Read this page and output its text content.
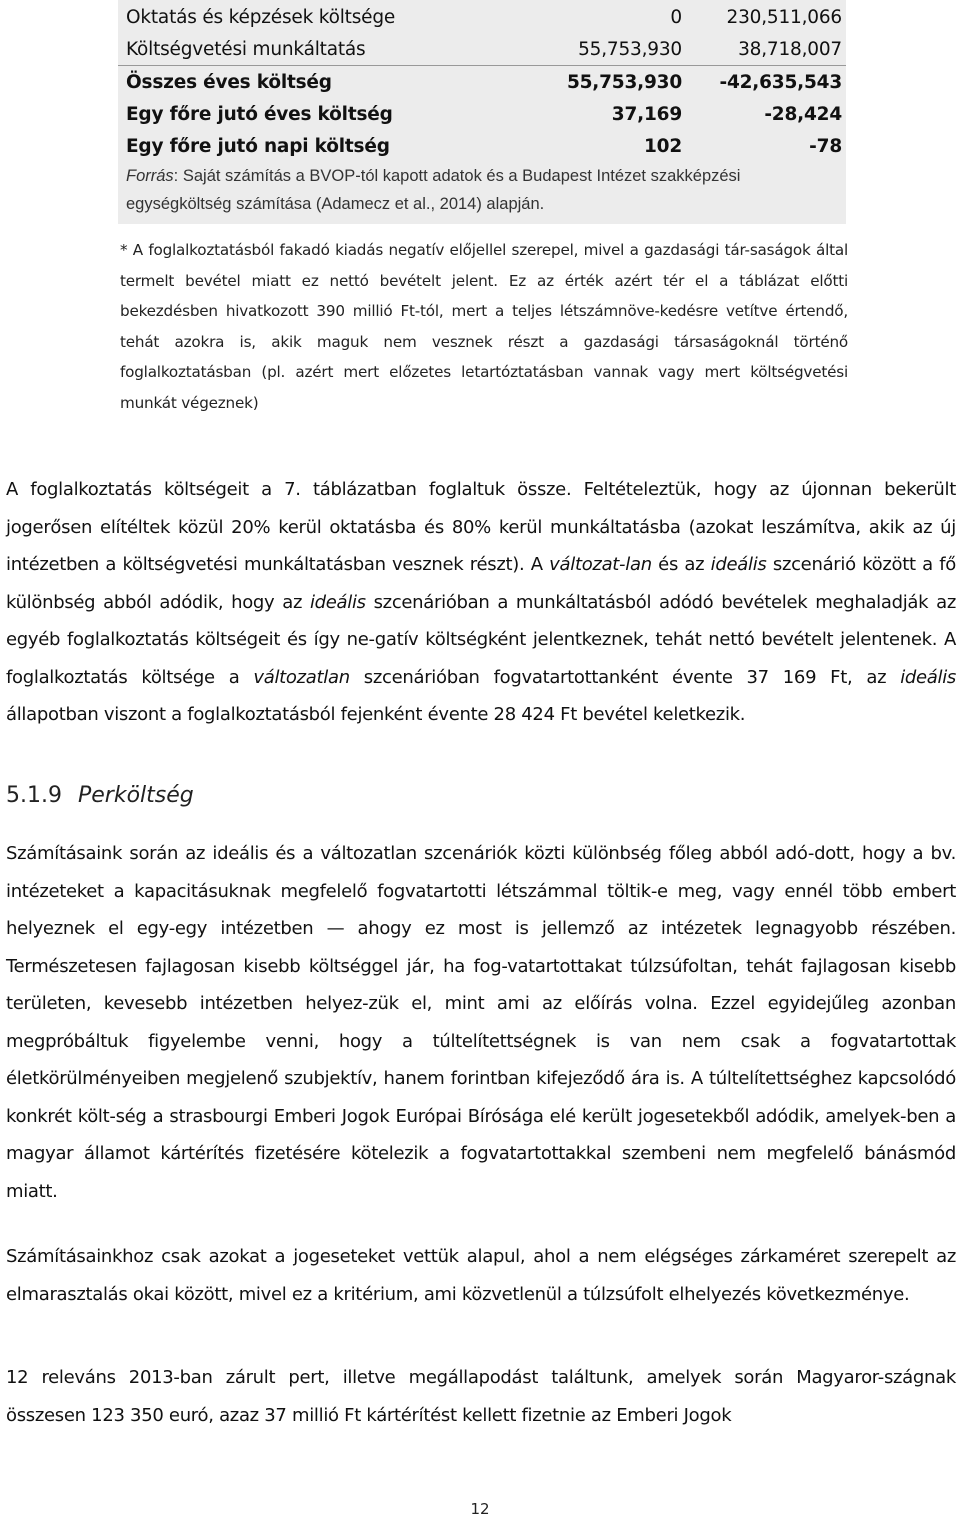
Oktatás és képzések költsége	0	230,511,066
Költségvetési munkáltatás	55,753,930	38,718,007
Összes éves költség	55,753,930	-42,635,543
Egy főre jutó éves költség	37,169	-28,424
Egy főre jutó napi költség	102	-78
Forrás: Saját számítás a BVOP-tól kapott adatok és a Budapest Intézet szakképzési egységköltség számítása (Adamecz et al., 2014) alapján.
* A foglalkoztatásból fakadó kiadás negatív előjellel szerepel, mivel a gazdasági tár-saságok által termelt bevétel miatt ez nettó bevételt jelent. Ez az érték azért tér el a táblázat előtti bekezdésben hivatkozott 390 millió Ft-tól, mert a teljes létszámnöve-kedésre vetítve értendő, tehát azokra is, akik maguk nem vesznek részt a gazdasági társaságoknál történő foglalkoztatásban (pl. azért mert előzetes letartóztatásban vannak vagy mert költségvetési munkát végeznek)
A foglalkoztatás költségeit a 7. táblázatban foglaltuk össze. Feltételeztük, hogy az újonnan bekerült jogerősen elítéltek közül 20% kerül oktatásba és 80% kerül munkáltatásba (azokat leszámítva, akik az új intézetben a költségvetési munkáltatásban vesznek részt). A változat-lan és az ideális szcenárió között a fő különbség abból adódik, hogy az ideális szcenárióban a munkáltatásból adódó bevételek meghaladják az egyéb foglalkoztatás költségeit és így ne-gatív költségként jelentkeznek, tehát nettó bevételt jelentenek. A foglalkoztatás költsége a változatlan szcenárióban fogvatartottanként évente 37 169 Ft, az ideális állapotban viszont a foglalkoztatásból fejenként évente 28 424 Ft bevétel keletkezik.
5.1.9 Perköltség
Számításaink során az ideális és a változatlan szcenáriók közti különbség főleg abból adó-dott, hogy a bv. intézeteket a kapacitásuknak megfelelő fogvatartotti létszámmal töltik-e meg, vagy ennél több embert helyeznek el egy-egy intézetben — ahogy ez most is jellemző az intézetek legnagyobb részében. Természetesen fajlagosan kisebb költséggel jár, ha fog-vatartottakat túlzsúfoltan, tehát fajlagosan kisebb területen, kevesebb intézetben helyez-zük el, mint ami az előírás volna. Ezzel egyidejűleg azonban megpróbáltuk figyelembe venni, hogy a túltelítettségnek is van nem csak a fogvatartottak életkörülményeiben megjelenő szubjektív, hanem forintban kifejeződő ára is. A túltelítettséghez kapcsolódó konkrét költ-ség a strasbourgi Emberi Jogok Európai Bírósága elé került jogesetekből adódik, amelyek-ben a magyar államot kártérítés fizetésére kötelezik a fogvatartottakkal szembeni nem megfelelő bánásmód miatt.
Számításainkhoz csak azokat a jogeseteket vettük alapul, ahol a nem elégséges zárkaméret szerepelt az elmarasztalás okai között, mivel ez a kritérium, ami közvetlenül a túlzsúfolt elhelyezés következménye.
12 releváns 2013-ban zárult pert, illetve megállapodást találtunk, amelyek során Magyaror-szágnak összesen 123 350 euró, azaz 37 millió Ft kártérítést kellett fizetnie az Emberi Jogok
12
